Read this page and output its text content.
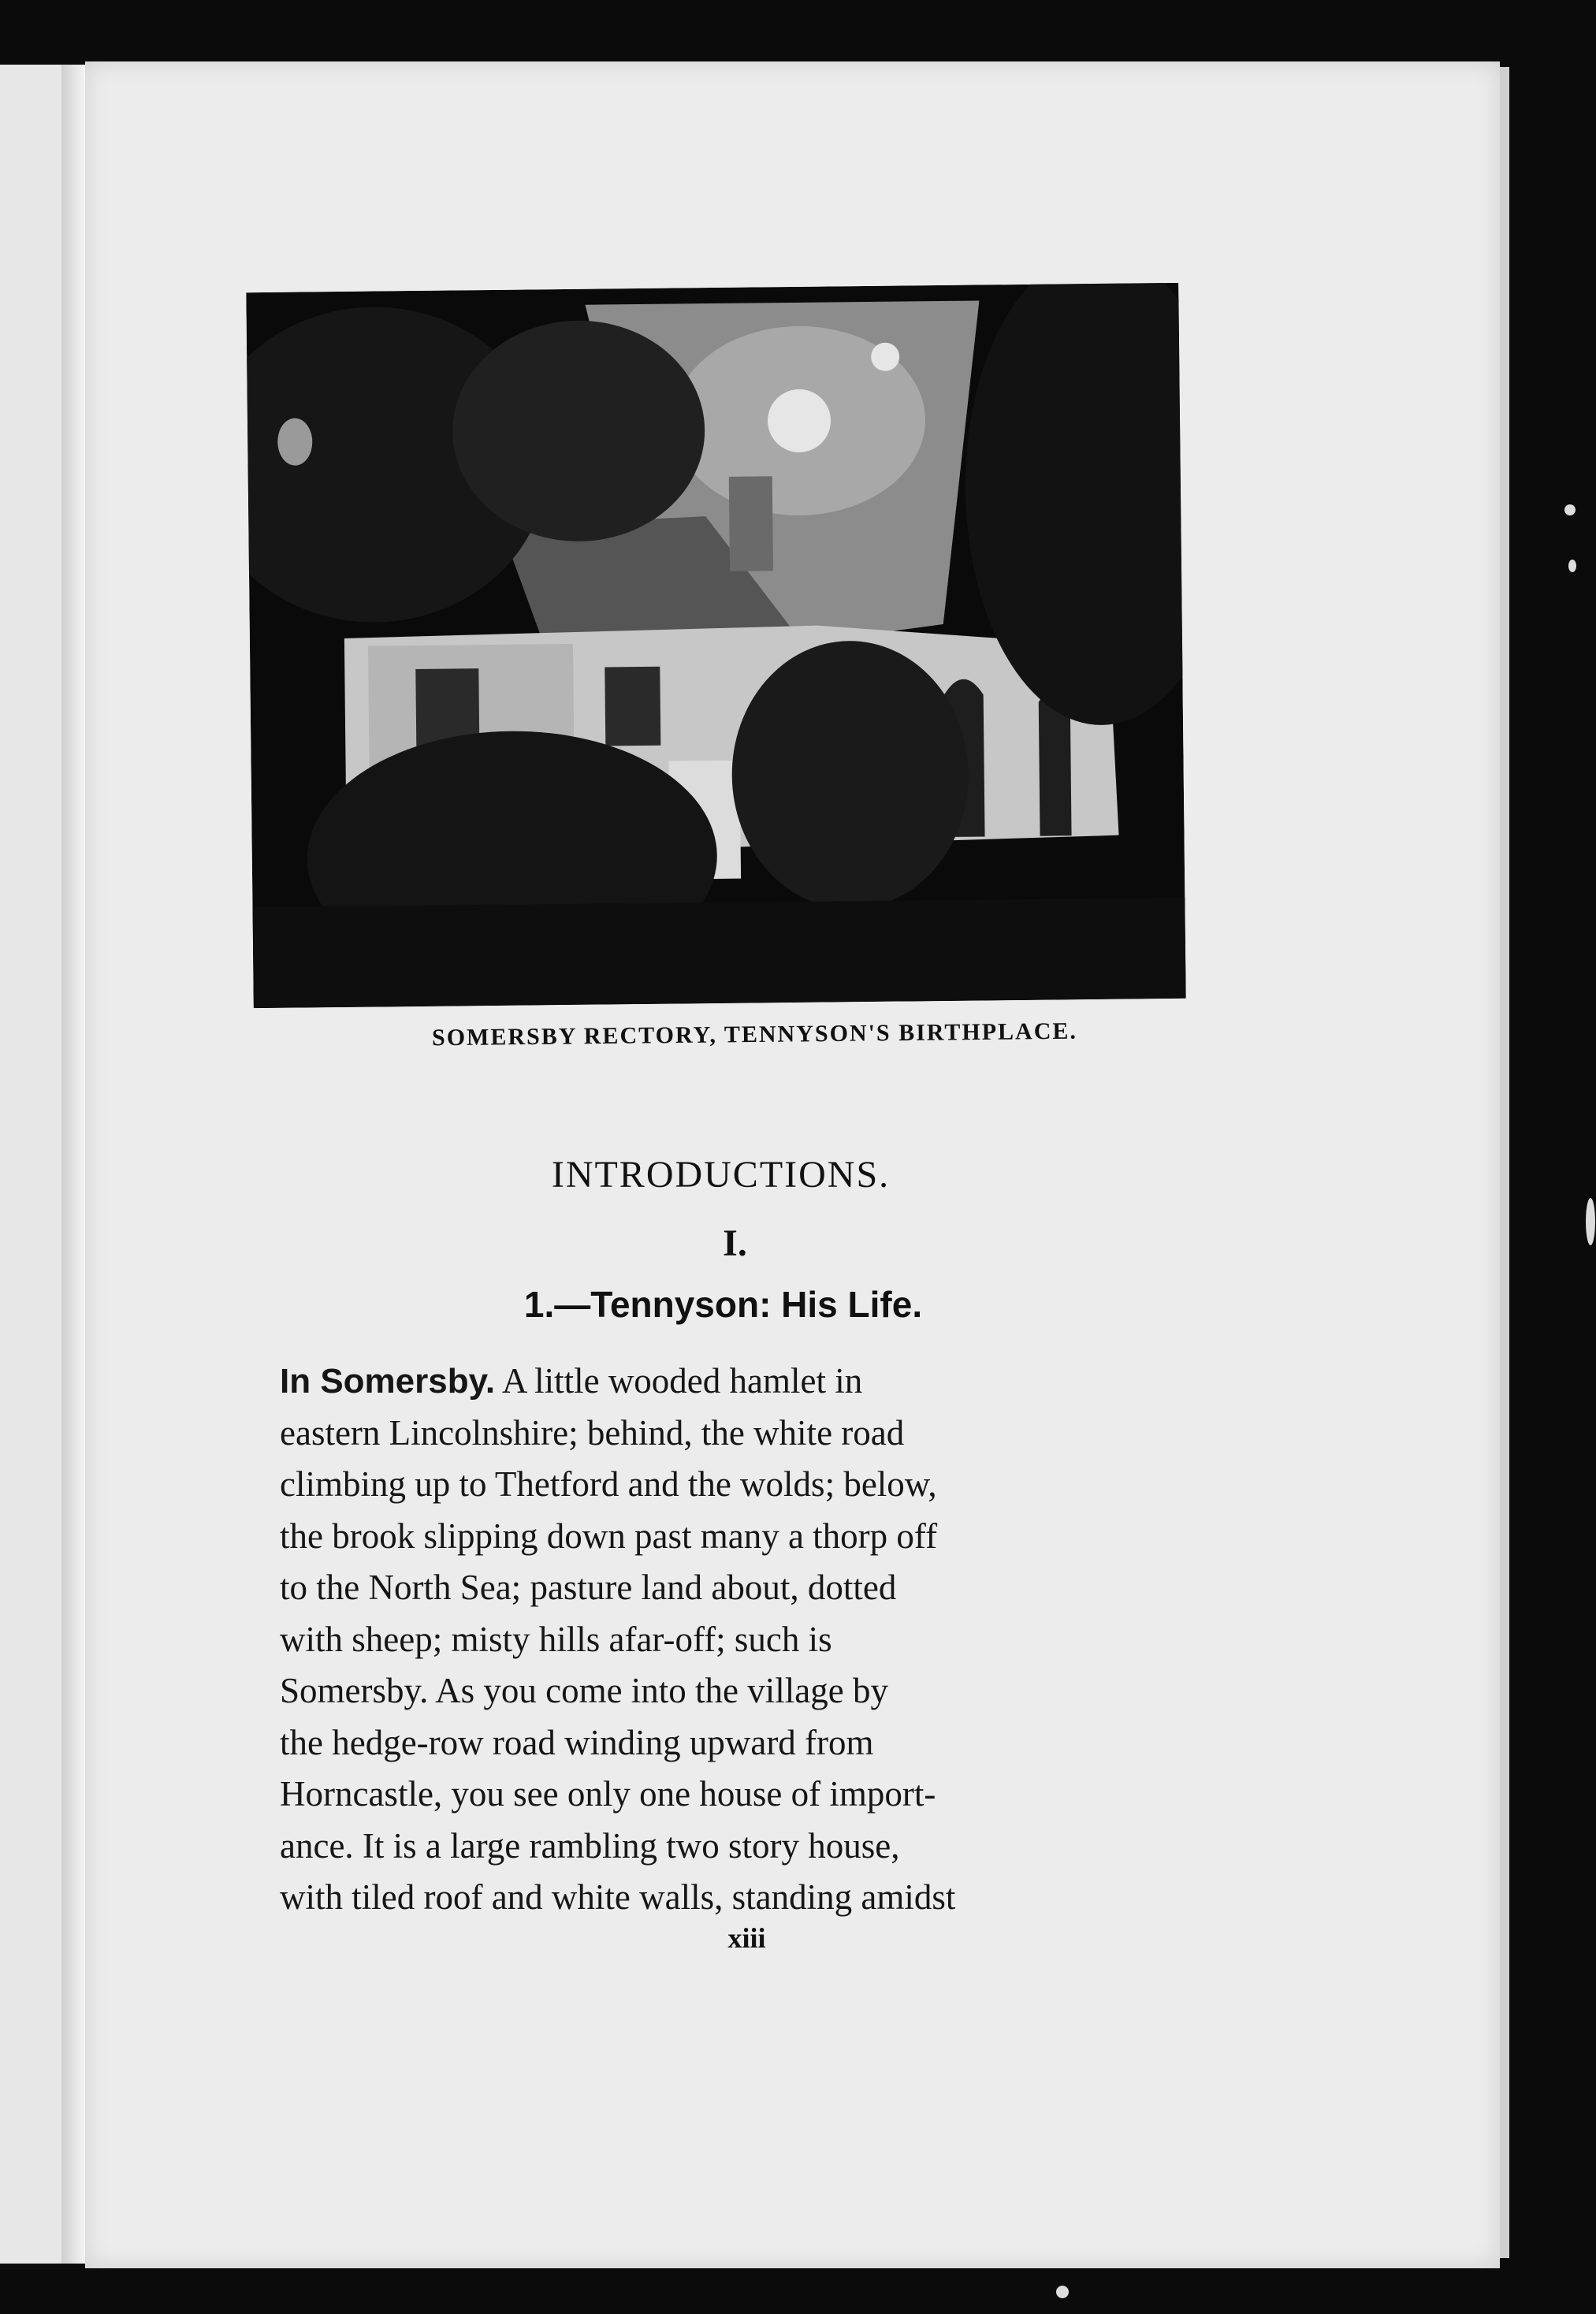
SOMERSBY RECTORY, TENNYSON'S BIRTHPLACE.
INTRODUCTIONS.
I.
1.—Tennyson: His Life.
In Somersby. A little wooded hamlet in
eastern Lincolnshire; behind, the white road
climbing up to Thetford and the wolds; below,
the brook slipping down past many a thorp off
to the North Sea; pasture land about, dotted
with sheep; misty hills afar-off; such is
Somersby. As you come into the village by
the hedge-row road winding upward from
Horncastle, you see only one house of import-
ance. It is a large rambling two story house,
with tiled roof and white walls, standing amidst
xiii
